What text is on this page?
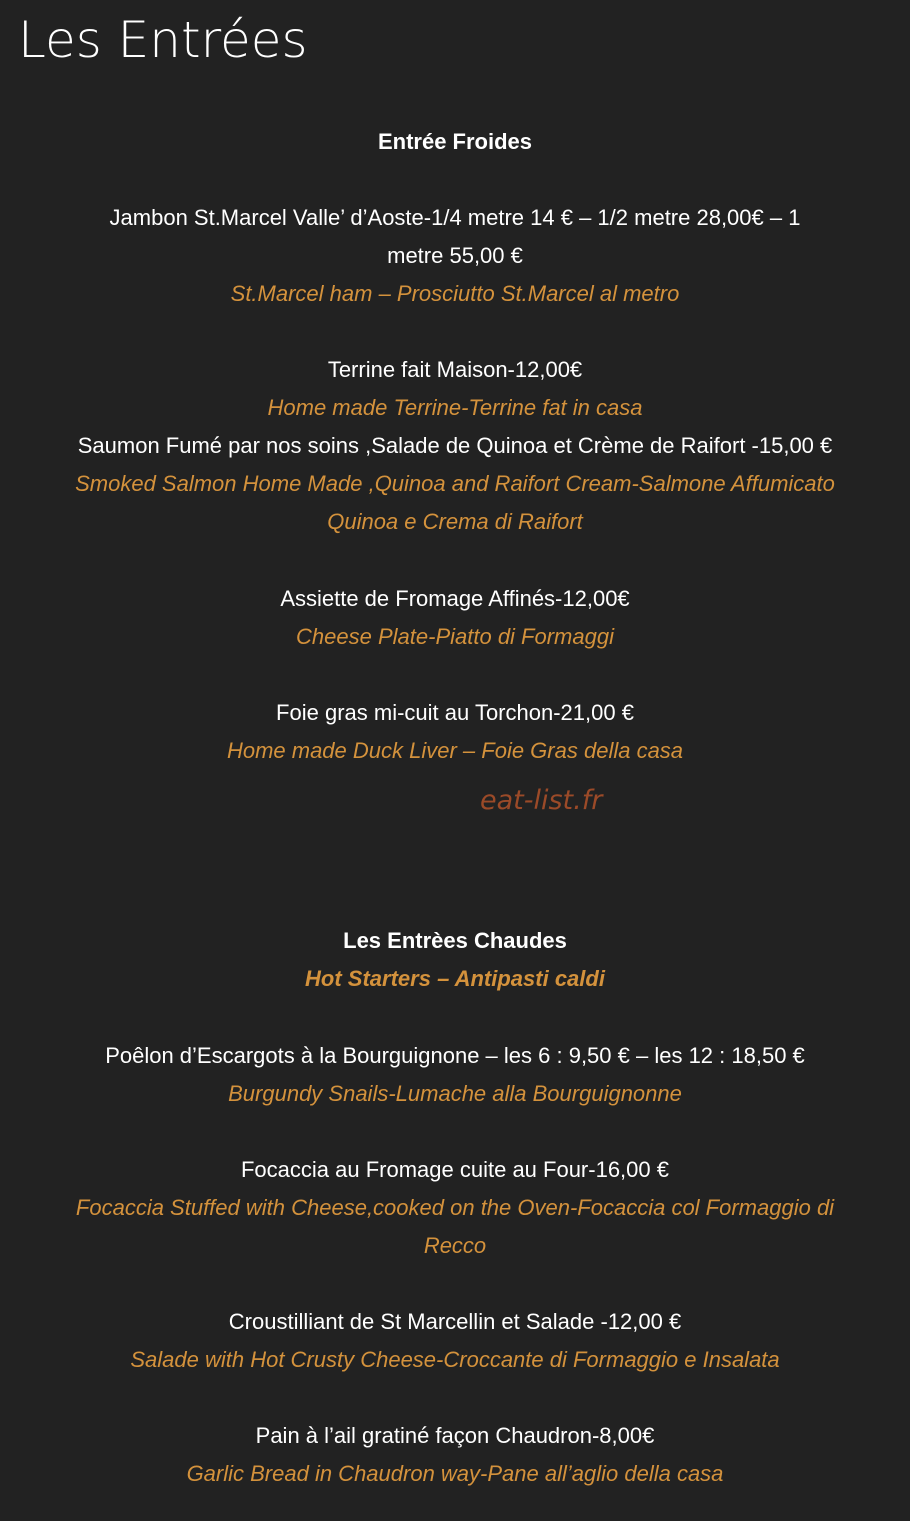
Les Entrées
Entrée Froides
Jambon St.Marcel Valle’ d’Aoste-1/4 metre 14 € – 1/2 metre 28,00€ – 1
metre 55,00 €
St.Marcel ham – Prosciutto St.Marcel al metro
Terrine fait Maison-12,00€
Home made Terrine-Terrine fat in casa
Saumon Fumé par nos soins ,Salade de Quinoa et Crème de Raifort -15,00 €
Smoked Salmon Home Made ,Quinoa and Raifort Cream-Salmone Affumicato
Quinoa e Crema di Raifort
Assiette de Fromage Affinés-12,00€
Cheese Plate-Piatto di Formaggi
Foie gras mi-cuit au Torchon-21,00 €
Home made Duck Liver – Foie Gras della casa
eat-list.fr
Les Entrèes Chaudes
Hot Starters – Antipasti caldi
Poêlon d’Escargots à la Bourguignone – les 6 : 9,50 € – les 12 : 18,50 €
Burgundy Snails-Lumache alla Bourguignonne
Focaccia au Fromage cuite au Four-16,00 €
Focaccia Stuffed with Cheese,cooked on the Oven-Focaccia col Formaggio di
Recco
Croustilliant de St Marcellin et Salade -12,00 €
Salade with Hot Crusty Cheese-Croccante di Formaggio e Insalata
Pain à l’ail gratiné façon Chaudron-8,00€
Garlic Bread in Chaudron way-Pane all’aglio della casa
